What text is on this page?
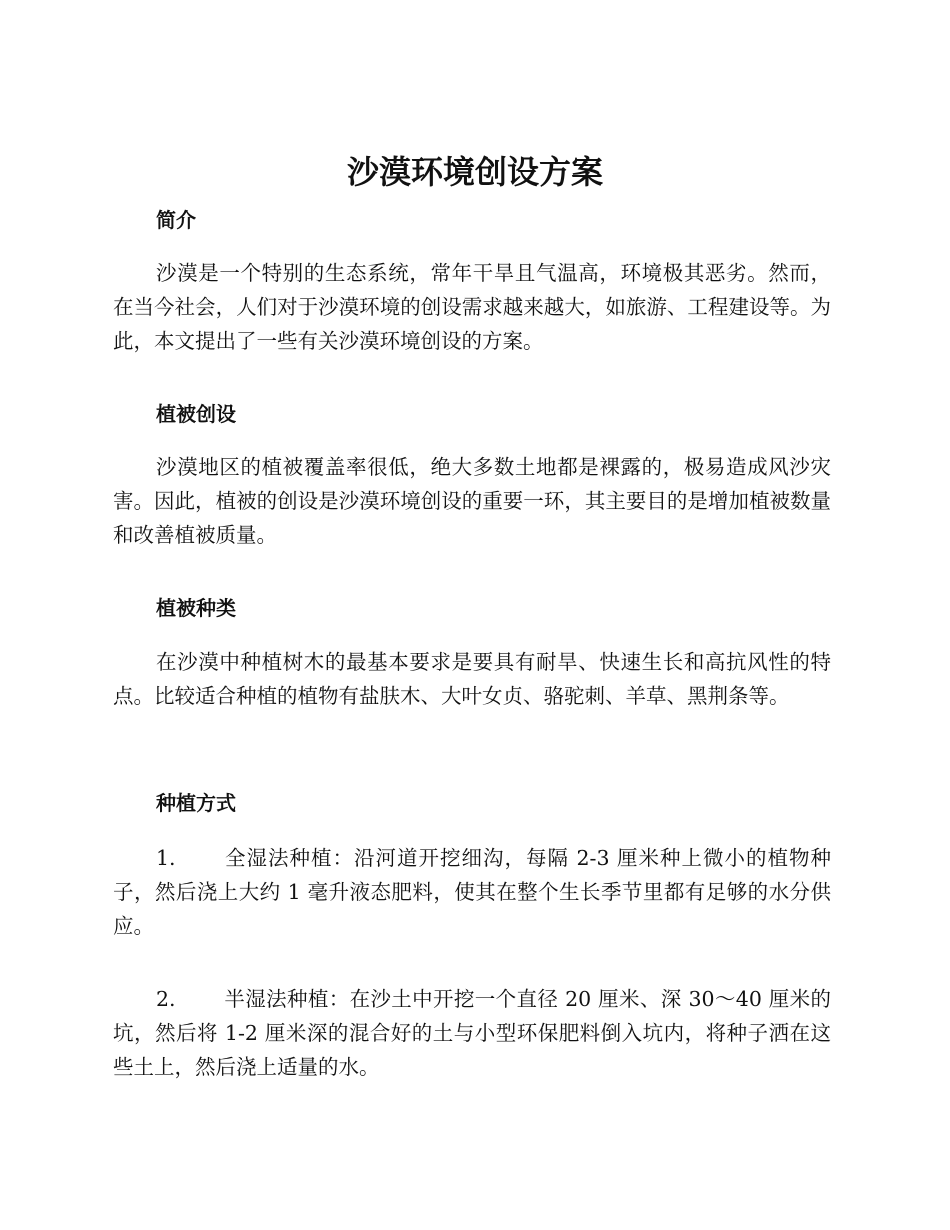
沙漠环境创设方案
简介

沙漠是一个特别的生态系统，常年干旱且气温高，环境极其恶劣。然而，在当今社会，人们对于沙漠环境的创设需求越来越大，如旅游、工程建设等。为此，本文提出了一些有关沙漠环境创设的方案。

植被创设

沙漠地区的植被覆盖率很低，绝大多数土地都是裸露的，极易造成风沙灾害。因此，植被的创设是沙漠环境创设的重要一环，其主要目的是增加植被数量和改善植被质量。

植被种类

在沙漠中种植树木的最基本要求是要具有耐旱、快速生长和高抗风性的特点。比较适合种植的植物有盐肤木、大叶女贞、骆驼刺、羊草、黑荆条等。

种植方式

1. 全湿法种植：沿河道开挖细沟，每隔 2-3 厘米种上微小的植物种子，然后浇上大约 1 毫升液态肥料，使其在整个生长季节里都有足够的水分供应。

2. 半湿法种植：在沙土中开挖一个直径 20 厘米、深 30～40 厘米的坑，然后将 1-2 厘米深的混合好的土与小型环保肥料倒入坑内，将种子洒在这些土上，然后浇上适量的水。
